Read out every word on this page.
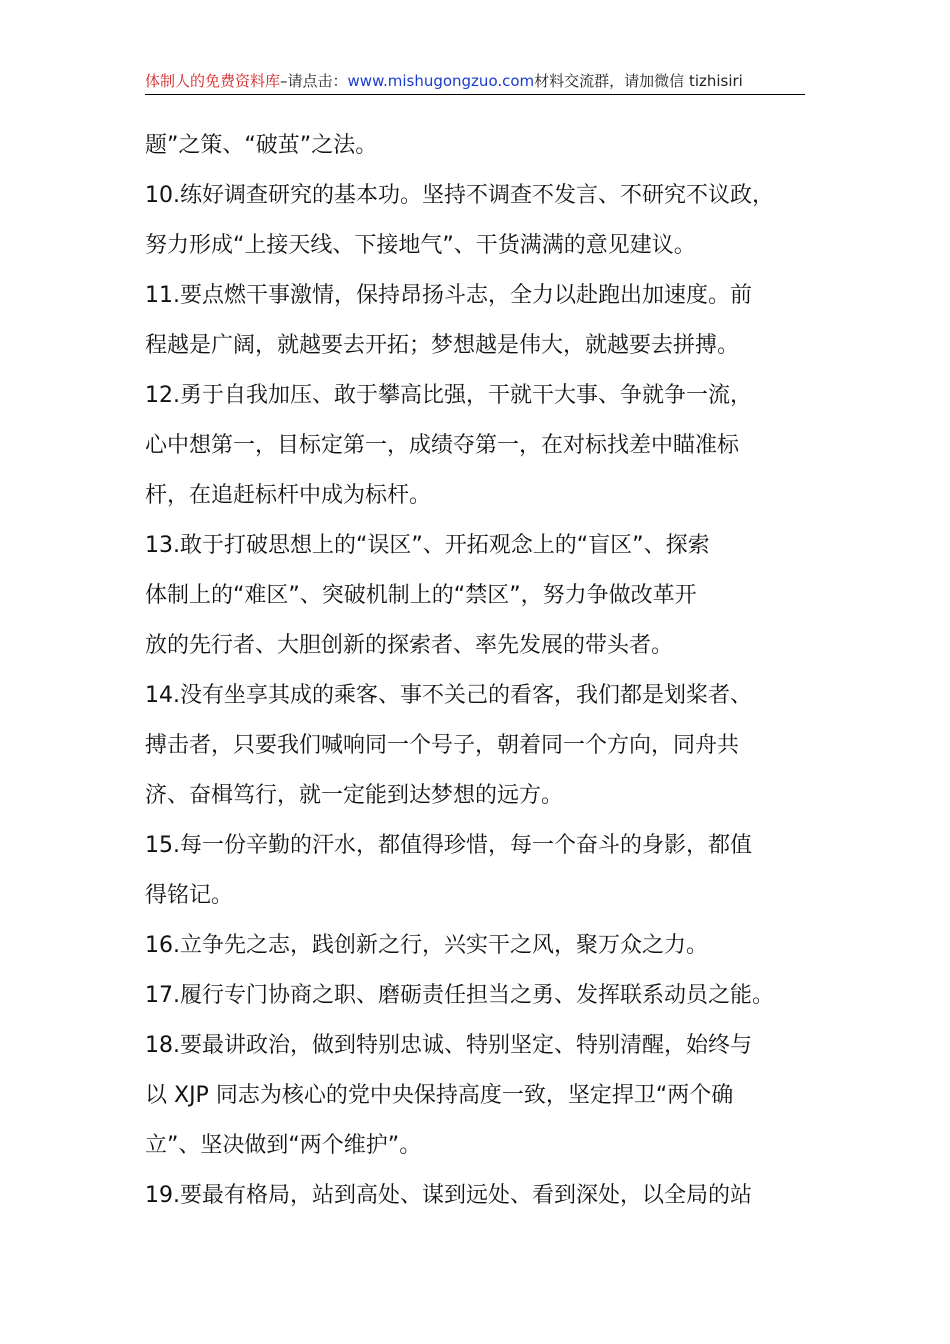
体制人的免费资料库–请点击：www.mishugongzuo.com材料交流群，请加微信 tizhisiri
题”之策、“破茧”之法。
10.练好调查研究的基本功。坚持不调查不发言、不研究不议政，
努力形成“上接天线、下接地气”、干货满满的意见建议。
11.要点燃干事激情，保持昂扬斗志，全力以赴跑出加速度。前
程越是广阔，就越要去开拓；梦想越是伟大，就越要去拼搏。
12.勇于自我加压、敢于攀高比强，干就干大事、争就争一流，
心中想第一，目标定第一，成绩夺第一，在对标找差中瞄准标
杆，在追赶标杆中成为标杆。
13.敢于打破思想上的“误区”、开拓观念上的“盲区”、探索
体制上的“难区”、突破机制上的“禁区”，努力争做改革开
放的先行者、大胆创新的探索者、率先发展的带头者。
14.没有坐享其成的乘客、事不关己的看客，我们都是划桨者、
搏击者，只要我们喊响同一个号子，朝着同一个方向，同舟共
济、奋楫笃行，就一定能到达梦想的远方。
15.每一份辛勤的汗水，都值得珍惜，每一个奋斗的身影，都值
得铭记。
16.立争先之志，践创新之行，兴实干之风，聚万众之力。
17.履行专门协商之职、磨砺责任担当之勇、发挥联系动员之能。
18.要最讲政治，做到特别忠诚、特别坚定、特别清醒，始终与
以 XJP 同志为核心的党中央保持高度一致，坚定捍卫“两个确
立”、坚决做到“两个维护”。
19.要最有格局，站到高处、谋到远处、看到深处，以全局的站
